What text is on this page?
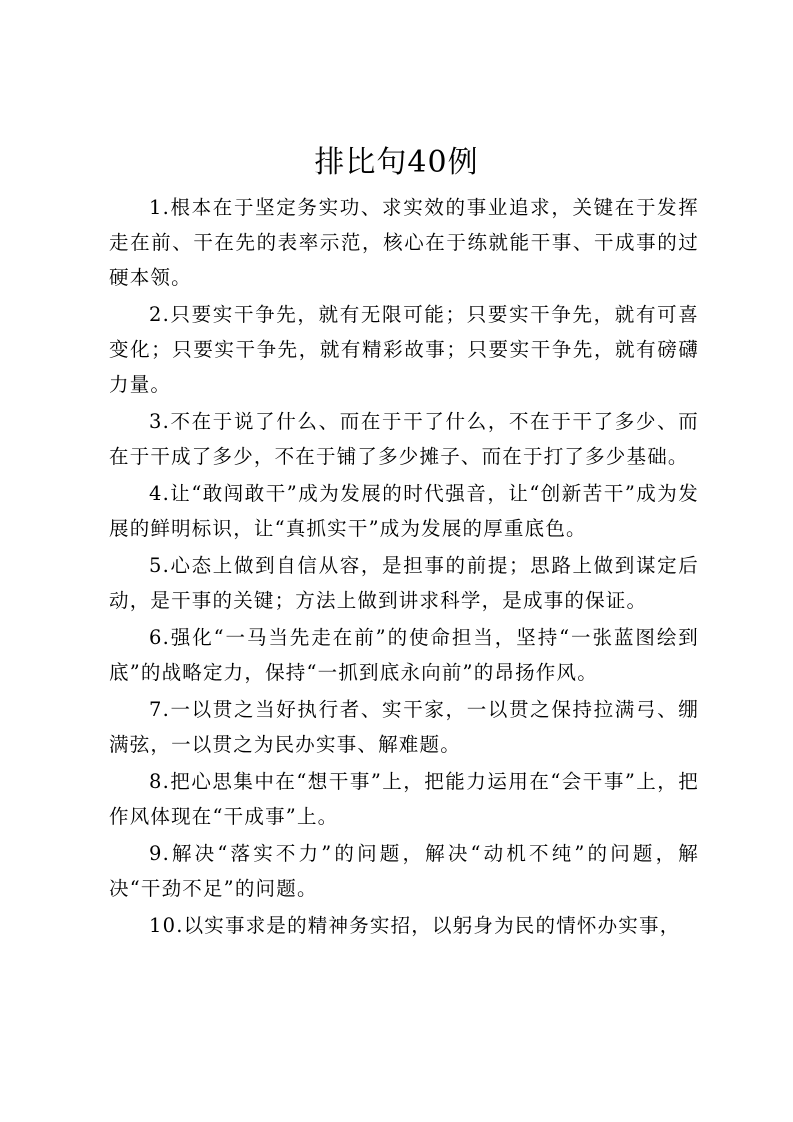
排比句40例

1.根本在于坚定务实功、求实效的事业追求，关键在于发挥走在前、干在先的表率示范，核心在于练就能干事、干成事的过硬本领。

2.只要实干争先，就有无限可能；只要实干争先，就有可喜变化；只要实干争先，就有精彩故事；只要实干争先，就有磅礴力量。

3.不在于说了什么、而在于干了什么，不在于干了多少、而在于干成了多少，不在于铺了多少摊子、而在于打了多少基础。

4.让“敢闯敢干”成为发展的时代强音，让“创新苦干”成为发展的鲜明标识，让“真抓实干”成为发展的厚重底色。

5.心态上做到自信从容，是担事的前提；思路上做到谋定后动，是干事的关键；方法上做到讲求科学，是成事的保证。

6.强化“一马当先走在前”的使命担当，坚持“一张蓝图绘到底”的战略定力，保持“一抓到底永向前”的昂扬作风。

7.一以贯之当好执行者、实干家，一以贯之保持拉满弓、绷满弦，一以贯之为民办实事、解难题。

8.把心思集中在“想干事”上，把能力运用在“会干事”上，把作风体现在“干成事”上。

9.解决“落实不力”的问题，解决“动机不纯”的问题，解决“干劲不足”的问题。

10.以实事求是的精神务实招，以躬身为民的情怀办实事，
